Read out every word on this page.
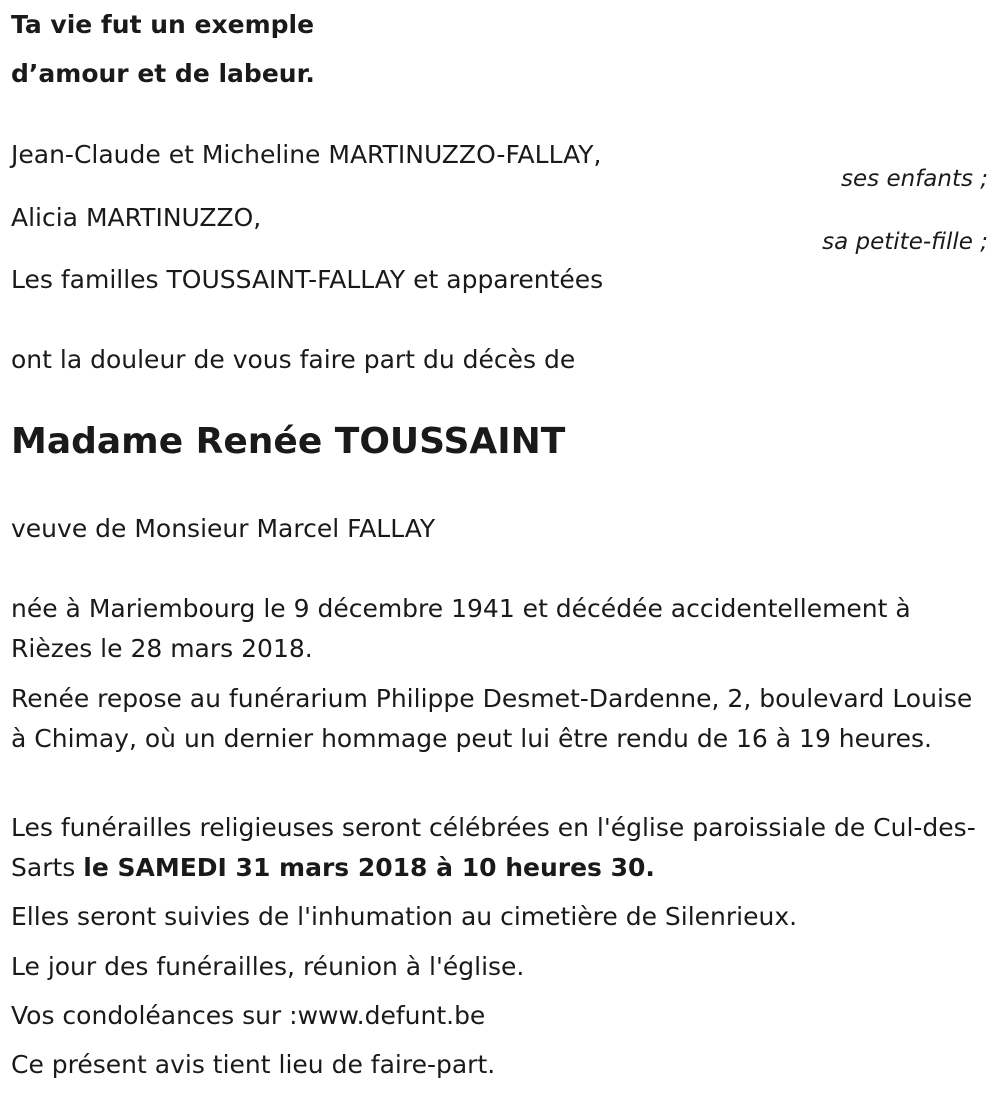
Ta vie fut un exemple
d’amour et de labeur.
Jean-Claude et Micheline MARTINUZZO-FALLAY,
ses enfants ;
Alicia MARTINUZZO,
sa petite-fille ;
Les familles TOUSSAINT-FALLAY et apparentées
ont la douleur de vous faire part du décès de
Madame Renée TOUSSAINT
veuve de Monsieur Marcel FALLAY
née à Mariembourg le 9 décembre 1941 et décédée accidentellement à Rièzes le 28 mars 2018.
Renée repose au funérarium Philippe Desmet-Dardenne, 2, boulevard Louise à Chimay, où un dernier hommage peut lui être rendu de 16 à 19 heures.
Les funérailles religieuses seront célébrées en l'église paroissiale de Cul-des-Sarts le SAMEDI 31 mars 2018 à 10 heures 30.
Elles seront suivies de l'inhumation au cimetière de Silenrieux.
Le jour des funérailles, réunion à l'église.
Vos condoléances sur :www.defunt.be
Ce présent avis tient lieu de faire-part.
